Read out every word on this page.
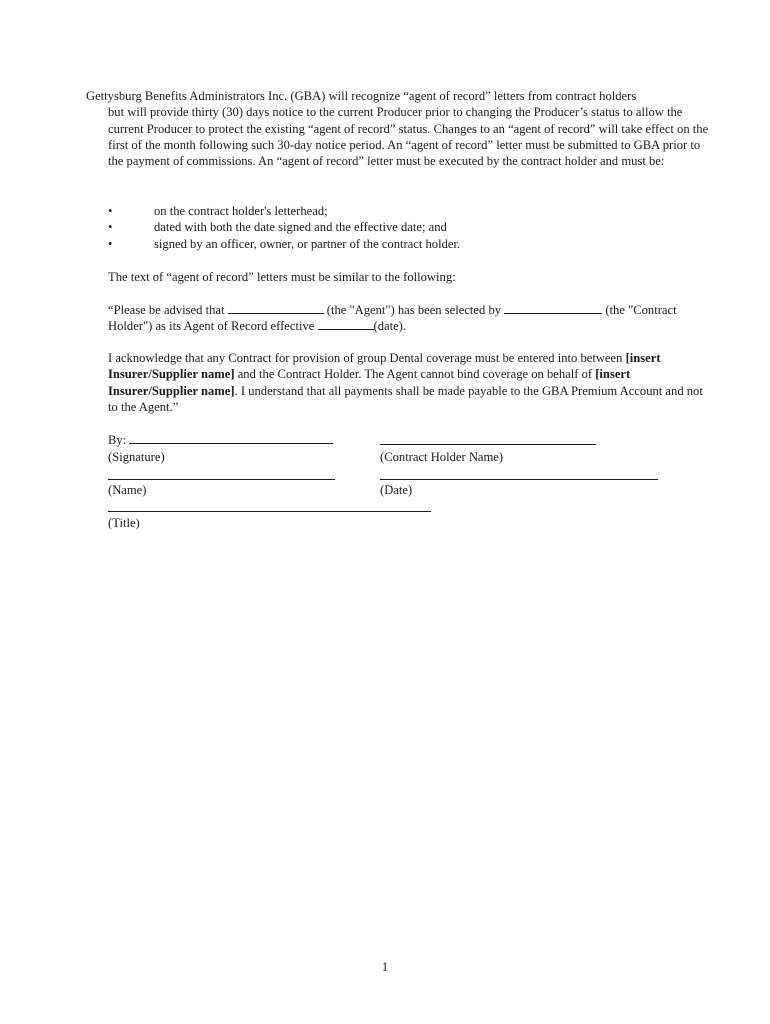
Gettysburg Benefits Administrators Inc. (GBA) will recognize “agent of record” letters from contract holders
but will provide thirty (30) days notice to the current Producer prior to changing the Producer’s status to allow the current Producer to protect the existing “agent of record” status. Changes to an “agent of record” will take effect on the first of the month following such 30-day notice period. An “agent of record” letter must be submitted to GBA prior to the payment of commissions. An “agent of record” letter must be executed by the contract holder and must be:
•	on the contract holder's letterhead;
•	dated with both the date signed and the effective date; and
•	signed by an officer, owner, or partner of the contract holder.
The text of “agent of record” letters must be similar to the following:
“Please be advised that	(the "Agent") has been selected by	(the "Contract Holder") as its Agent of Record effective	(date).
I acknowledge that any Contract for provision of group Dental coverage must be entered into between [insert Insurer/Supplier name] and the Contract Holder. The Agent cannot bind coverage on behalf of [insert Insurer/Supplier name]. I understand that all payments shall be made payable to the GBA Premium Account and not to the Agent.”
By:
(Signature)	(Contract Holder Name)
(Name)	(Date)
(Title)
1
